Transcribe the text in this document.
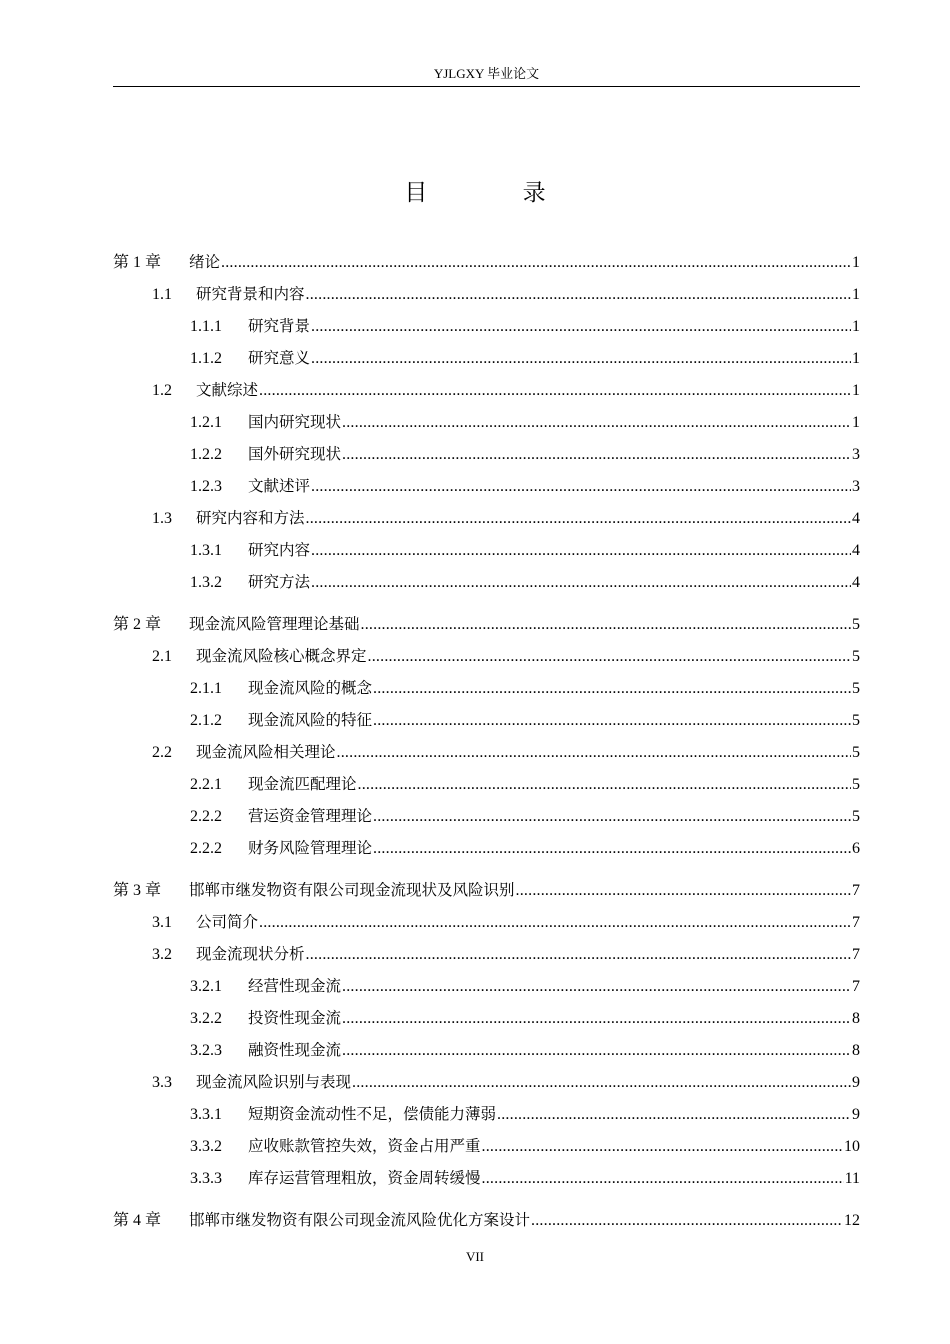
YJLGXY 毕业论文
目 录
第 1 章	绪论 .....	1
1.1	研究背景和内容 .....	1
1.1.1	研究背景 .....	1
1.1.2	研究意义 .....	1
1.2	文献综述 .....	1
1.2.1	国内研究现状 .....	1
1.2.2	国外研究现状 .....	3
1.2.3	文献述评 .....	3
1.3	研究内容和方法 .....	4
1.3.1	研究内容 .....	4
1.3.2	研究方法 .....	4
第 2 章	现金流风险管理理论基础 .....	5
2.1	现金流风险核心概念界定 .....	5
2.1.1	现金流风险的概念 .....	5
2.1.2	现金流风险的特征 .....	5
2.2	现金流风险相关理论 .....	5
2.2.1	现金流匹配理论 .....	5
2.2.2	营运资金管理理论 .....	5
2.2.2	财务风险管理理论 .....	6
第 3 章	邯郸市继发物资有限公司现金流现状及风险识别 .....	7
3.1	公司简介 .....	7
3.2	现金流现状分析 .....	7
3.2.1	经营性现金流 .....	7
3.2.2	投资性现金流 .....	8
3.2.3	融资性现金流 .....	8
3.3	现金流风险识别与表现 .....	9
3.3.1	短期资金流动性不足，偿债能力薄弱 .....	9
3.3.2	应收账款管控失效，资金占用严重 .....	10
3.3.3	库存运营管理粗放，资金周转缓慢 .....	11
第 4 章	邯郸市继发物资有限公司现金流风险优化方案设计 .....	12
VII
